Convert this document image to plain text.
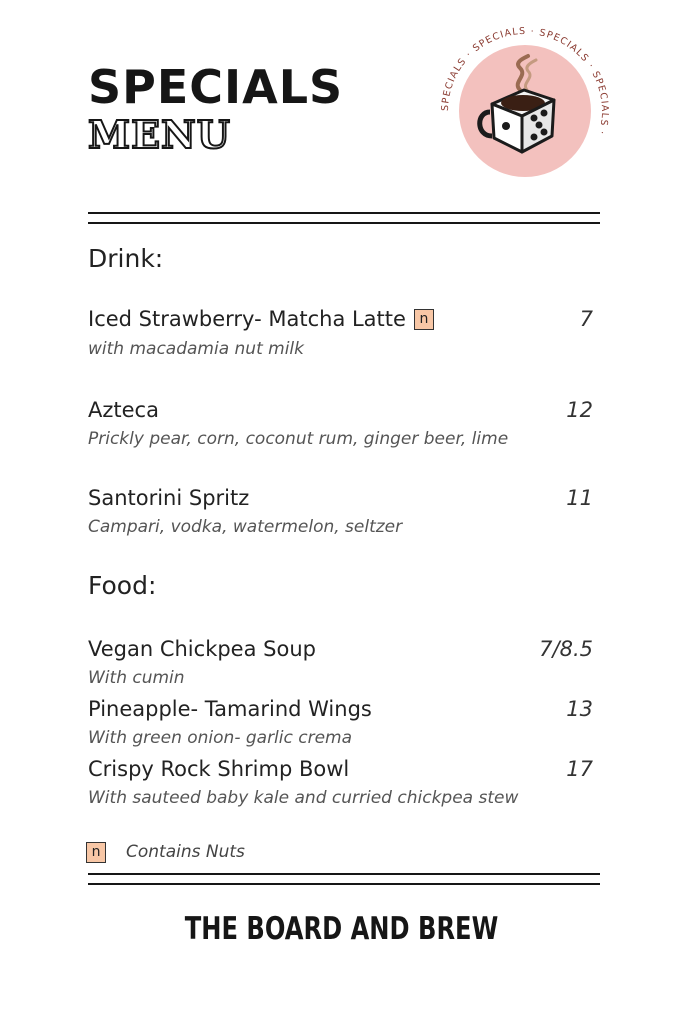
SPECIALS
MENU
SPECIALS · SPECIALS · SPECIALS · SPECIALS ·
Drink:
Iced Strawberry- Matcha Latte n	7
with macadamia nut milk
Azteca	12
Prickly pear, corn, coconut rum, ginger beer, lime
Santorini Spritz	11
Campari, vodka, watermelon, seltzer
Food:
Vegan Chickpea Soup	7/8.5
With cumin
Pineapple- Tamarind Wings	13
With green onion- garlic crema
Crispy Rock Shrimp Bowl	17
With sauteed baby kale and curried chickpea stew
n Contains Nuts
THE BOARD AND BREW
